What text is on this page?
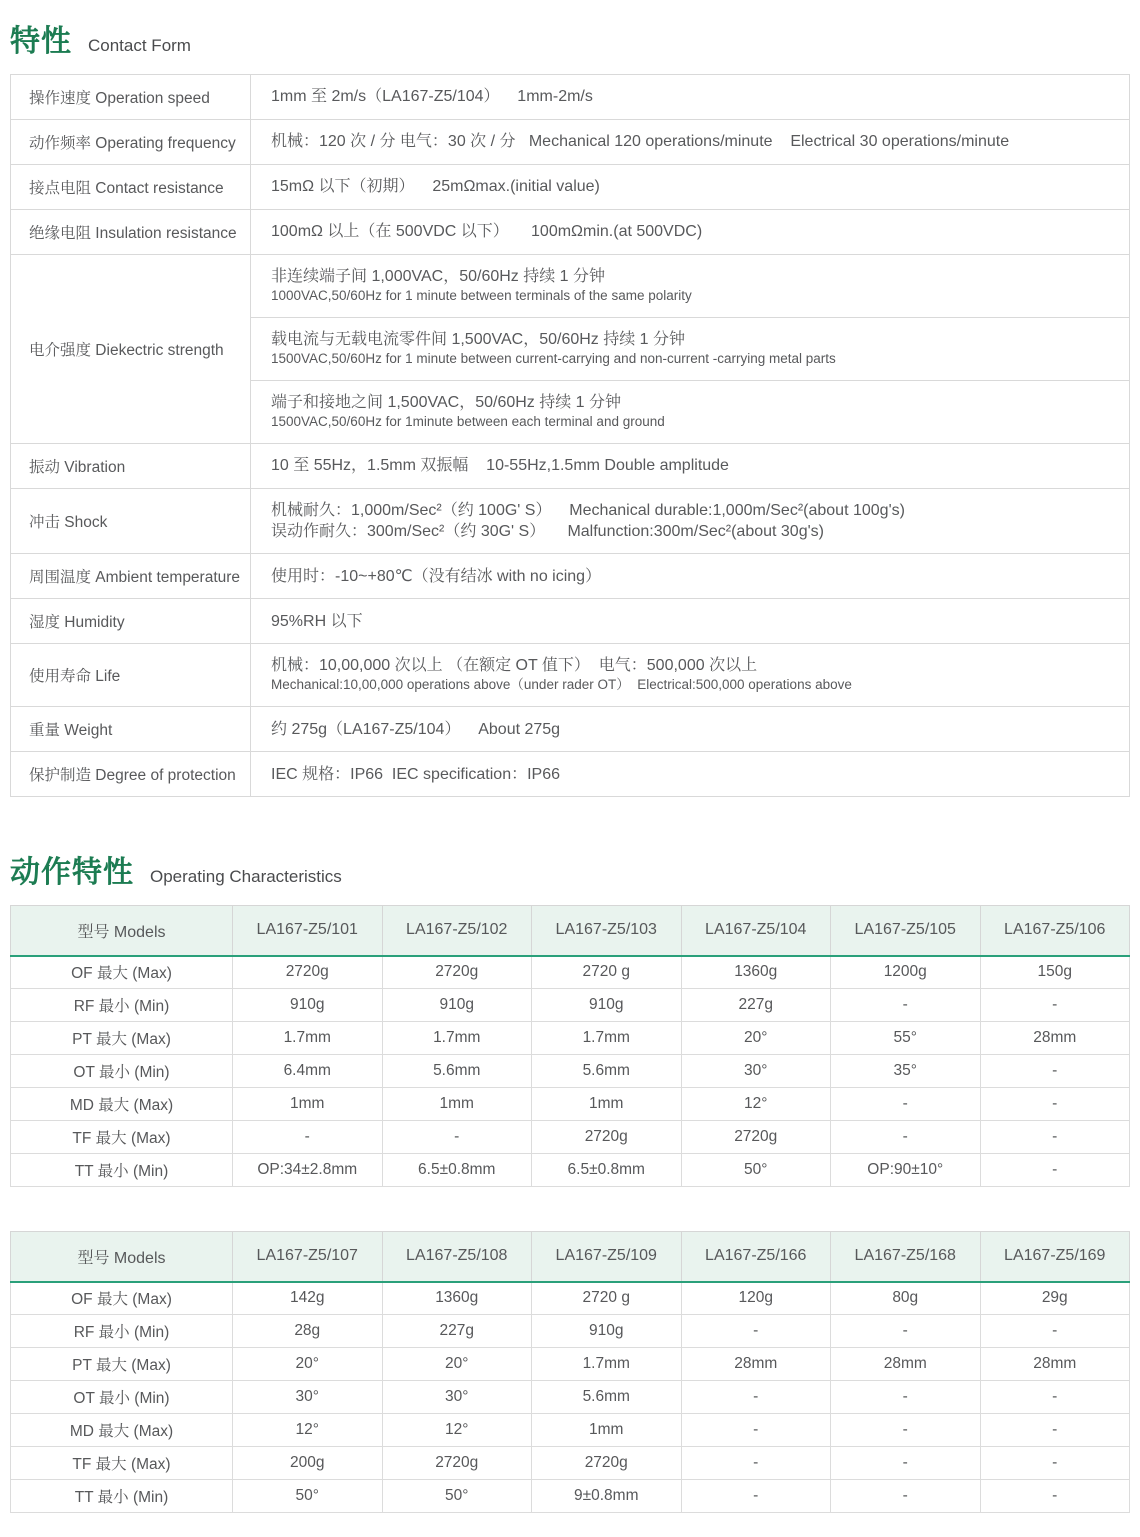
特性 Contact Form
操作速度 Operation speed	1mm 至 2m/s（LA167-Z5/104）    1mm-2m/s

动作频率 Operating frequency	机械：120 次 / 分 电气：30 次 / 分   Mechanical 120 operations/minute    Electrical 30 operations/minute

接点电阻 Contact resistance	15mΩ 以下（初期）    25mΩmax.(initial value)

绝缘电阻 Insulation resistance	100mΩ 以上（在 500VDC 以下）     100mΩmin.(at 500VDC)

电介强度 Diekectric strength	非连续端子间 1,000VAC，50/60Hz 持续 1 分钟
1000VAC,50/60Hz for 1 minute between terminals of the same polarity

	载电流与无载电流零件间 1,500VAC，50/60Hz 持续 1 分钟
1500VAC,50/60Hz for 1 minute between current-carrying and non-current -carrying metal parts

	端子和接地之间 1,500VAC，50/60Hz 持续 1 分钟
1500VAC,50/60Hz for 1minute between each terminal and ground

振动 Vibration	10 至 55Hz，1.5mm 双振幅    10-55Hz,1.5mm Double amplitude

冲击 Shock	机械耐久：1,000m/Sec²（约 100G' S）    Mechanical durable:1,000m/Sec²(about 100g's)
误动作耐久：300m/Sec²（约 30G' S）     Malfunction:300m/Sec²(about 30g's)

周围温度 Ambient temperature	使用时：-10~+80℃（没有结冰 with no icing）

湿度 Humidity	95%RH 以下

使用寿命 Life	机械：10,00,000 次以上 （在额定 OT 值下）  电气：500,000 次以上
Mechanical:10,00,000 operations above（under rader OT）  Electrical:500,000 operations above

重量 Weight	约 275g（LA167-Z5/104）    About 275g

保护制造 Degree of protection	IEC 规格：IP66  IEC specification：IP66
动作特性 Operating Characteristics
型号 Models	LA167-Z5/101	LA167-Z5/102	LA167-Z5/103	LA167-Z5/104	LA167-Z5/105	LA167-Z5/106
OF 最大 (Max)	2720g	2720g	2720 g	1360g	1200g	150g
RF 最小 (Min)	910g	910g	910g	227g	-	-
PT 最大 (Max)	1.7mm	1.7mm	1.7mm	20°	55°	28mm
OT 最小 (Min)	6.4mm	5.6mm	5.6mm	30°	35°	-
MD 最大 (Max)	1mm	1mm	1mm	12°	-	-
TF 最大 (Max)	-	-	2720g	2720g	-	-
TT 最小 (Min)	OP:34±2.8mm	6.5±0.8mm	6.5±0.8mm	50°	OP:90±10°	-
型号 Models	LA167-Z5/107	LA167-Z5/108	LA167-Z5/109	LA167-Z5/166	LA167-Z5/168	LA167-Z5/169
OF 最大 (Max)	142g	1360g	2720 g	120g	80g	29g
RF 最小 (Min)	28g	227g	910g	-	-	-
PT 最大 (Max)	20°	20°	1.7mm	28mm	28mm	28mm
OT 最小 (Min)	30°	30°	5.6mm	-	-	-
MD 最大 (Max)	12°	12°	1mm	-	-	-
TF 最大 (Max)	200g	2720g	2720g	-	-	-
TT 最小 (Min)	50°	50°	9±0.8mm	-	-	-
